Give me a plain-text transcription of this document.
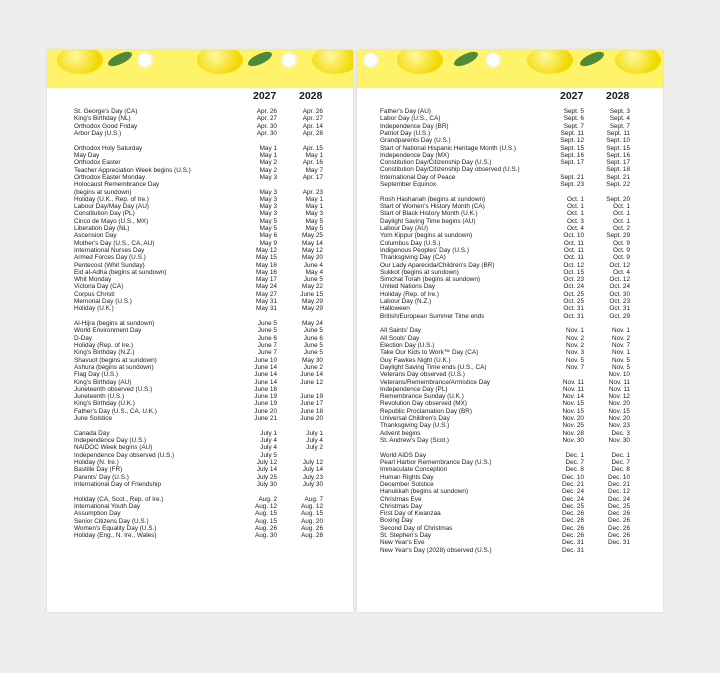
2027 2028
St. George's Day (CA)	Apr. 26	Apr. 26
King's Birthday (NL)	Apr. 27	Apr. 27
Orthodox Good Friday	Apr. 30	Apr. 14
Arbor Day (U.S.)	Apr. 30	Apr. 28
Orthodox Holy Saturday	May 1	Apr. 15
May Day	May 1	May 1
Orthodox Easter	May 2	Apr. 16
Teacher Appreciation Week begins (U.S.)	May 2	May 7
Orthodox Easter Monday	May 3	Apr. 17
Holocaust Remembrance Day
(begins at sundown)	May 3	Apr. 23
Holiday (U.K., Rep. of Ire.)	May 3	May 1
Labour Day/May Day (AU)	May 3	May 1
Constitution Day (PL)	May 3	May 3
Cinco de Mayo (U.S., MX)	May 5	May 5
Liberation Day (NL)	May 5	May 5
Ascension Day	May 6	May 25
Mother's Day (U.S., CA, AU)	May 9	May 14
International Nurses Day	May 12	May 12
Armed Forces Day (U.S.)	May 15	May 20
Pentecost (Whit Sunday)	May 16	June 4
Eid al-Adha (begins at sundown)	May 16	May 4
Whit Monday	May 17	June 5
Victoria Day (CA)	May 24	May 22
Corpus Christi	May 27	June 15
Memorial Day (U.S.)	May 31	May 29
Holiday (U.K.)	May 31	May 29
Al-Hijra (begins at sundown)	June 5	May 24
World Environment Day	June 5	June 5
D-Day	June 6	June 6
Holiday (Rep. of Ire.)	June 7	June 5
King's Birthday (N.Z.)	June 7	June 5
Shavuot (begins at sundown)	June 10	May 30
Ashura (begins at sundown)	June 14	June 2
Flag Day (U.S.)	June 14	June 14
King's Birthday (AU)	June 14	June 12
Juneteenth observed (U.S.)	June 18
Juneteenth (U.S.)	June 19	June 19
King's Birthday (U.K.)	June 19	June 17
Father's Day (U.S., CA, U.K.)	June 20	June 18
June Solstice	June 21	June 20
Canada Day	July 1	July 1
Independence Day (U.S.)	July 4	July 4
NAIDOC Week begins (AU)	July 4	July 2
Independence Day observed (U.S.)	July 5
Holiday (N. Ire.)	July 12	July 12
Bastille Day (FR)	July 14	July 14
Parents' Day (U.S.)	July 25	July 23
International Day of Friendship	July 30	July 30
Holiday (CA, Scot., Rep. of Ire.)	Aug. 2	Aug. 7
International Youth Day	Aug. 12	Aug. 12
Assumption Day	Aug. 15	Aug. 15
Senior Citizens Day (U.S.)	Aug. 15	Aug. 20
Women's Equality Day (U.S.)	Aug. 26	Aug. 26
Holiday (Eng., N. Ire., Wales)	Aug. 30	Aug. 28
2027 2028
Father's Day (AU)	Sept. 5	Sept. 3
Labor Day (U.S., CA)	Sept. 6	Sept. 4
Independence Day (BR)	Sept. 7	Sept. 7
Patriot Day (U.S.)	Sept. 11	Sept. 11
Grandparents Day (U.S.)	Sept. 12	Sept. 10
Start of National Hispanic Heritage Month (U.S.)	Sept. 15	Sept. 15
Independence Day (MX)	Sept. 16	Sept. 16
Constitution Day/Citizenship Day (U.S.)	Sept. 17	Sept. 17
Constitution Day/Citizenship Day observed (U.S.)	Sept. 18
International Day of Peace	Sept. 21	Sept. 21
September Equinox	Sept. 23	Sept. 22
Rosh Hashanah (begins at sundown)	Oct. 1	Sept. 20
Start of Women's History Month (CA)	Oct. 1	Oct. 1
Start of Black History Month (U.K.)	Oct. 1	Oct. 1
Daylight Saving Time begins (AU)	Oct. 3	Oct. 1
Labour Day (AU)	Oct. 4	Oct. 2
Yom Kippur (begins at sundown)	Oct. 10	Sept. 29
Columbus Day (U.S.)	Oct. 11	Oct. 9
Indigenous Peoples' Day (U.S.)	Oct. 11	Oct. 9
Thanksgiving Day (CA)	Oct. 11	Oct. 9
Our Lady Aparecida/Children's Day (BR)	Oct. 12	Oct. 12
Sukkot (begins at sundown)	Oct. 15	Oct. 4
Simchat Torah (begins at sundown)	Oct. 23	Oct. 12
United Nations Day	Oct. 24	Oct. 24
Holiday (Rep. of Ire.)	Oct. 25	Oct. 30
Labour Day (N.Z.)	Oct. 25	Oct. 23
Halloween	Oct. 31	Oct. 31
British/European Summer Time ends	Oct. 31	Oct. 29
All Saints' Day	Nov. 1	Nov. 1
All Souls' Day	Nov. 2	Nov. 2
Election Day (U.S.)	Nov. 2	Nov. 7
Take Our Kids to Work™ Day (CA)	Nov. 3	Nov. 1
Guy Fawkes Night (U.K.)	Nov. 5	Nov. 5
Daylight Saving Time ends (U.S., CA)	Nov. 7	Nov. 5
Veterans Day observed (U.S.)	Nov. 10
Veterans/Remembrance/Armistice Day	Nov. 11	Nov. 11
Independence Day (PL)	Nov. 11	Nov. 11
Remembrance Sunday (U.K.)	Nov. 14	Nov. 12
Revolution Day observed (MX)	Nov. 15	Nov. 20
Republic Proclamation Day (BR)	Nov. 15	Nov. 15
Universal Children's Day	Nov. 20	Nov. 20
Thanksgiving Day (U.S.)	Nov. 25	Nov. 23
Advent begins	Nov. 28	Dec. 3
St. Andrew's Day (Scot.)	Nov. 30	Nov. 30
World AIDS Day	Dec. 1	Dec. 1
Pearl Harbor Remembrance Day (U.S.)	Dec. 7	Dec. 7
Immaculate Conception	Dec. 8	Dec. 8
Human Rights Day	Dec. 10	Dec. 10
December Solstice	Dec. 21	Dec. 21
Hanukkah (begins at sundown)	Dec. 24	Dec. 12
Christmas Eve	Dec. 24	Dec. 24
Christmas Day	Dec. 25	Dec. 25
First Day of Kwanzaa	Dec. 26	Dec. 26
Boxing Day	Dec. 26	Dec. 26
Second Day of Christmas	Dec. 26	Dec. 26
St. Stephen's Day	Dec. 26	Dec. 26
New Year's Eve	Dec. 31	Dec. 31
New Year's Day (2028) observed (U.S.)	Dec. 31
